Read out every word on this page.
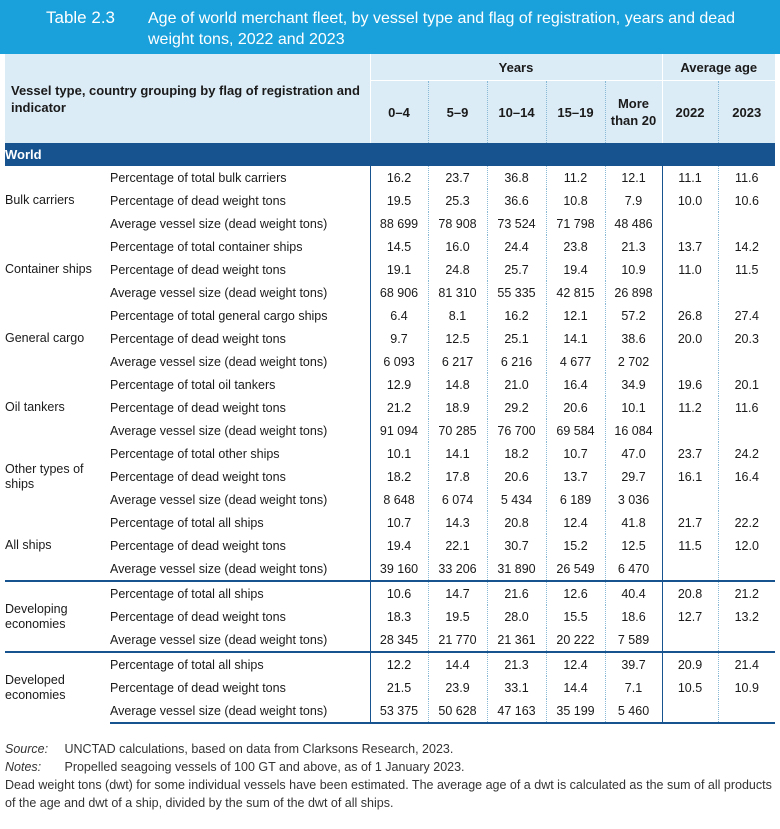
Table 2.3 Age of world merchant fleet, by vessel type and flag of registration, years and dead weight tons, 2022 and 2023
Vessel type, country grouping by flag of registration and indicator		Years					Average age	
		0–4	5–9	10–14	15–19	More than 20	2022	2023
World								
Bulk carriers	Percentage of total bulk carriers	16.2	23.7	36.8	11.2	12.1	11.1	11.6
	Percentage of dead weight tons	19.5	25.3	36.6	10.8	7.9	10.0	10.6
	Average vessel size (dead weight tons)	88 699	78 908	73 524	71 798	48 486		
Container ships	Percentage of total container ships	14.5	16.0	24.4	23.8	21.3	13.7	14.2
	Percentage of dead weight tons	19.1	24.8	25.7	19.4	10.9	11.0	11.5
	Average vessel size (dead weight tons)	68 906	81 310	55 335	42 815	26 898		
General cargo	Percentage of total general cargo ships	6.4	8.1	16.2	12.1	57.2	26.8	27.4
	Percentage of dead weight tons	9.7	12.5	25.1	14.1	38.6	20.0	20.3
	Average vessel size (dead weight tons)	6 093	6 217	6 216	4 677	2 702		
Oil tankers	Percentage of total oil tankers	12.9	14.8	21.0	16.4	34.9	19.6	20.1
	Percentage of dead weight tons	21.2	18.9	29.2	20.6	10.1	11.2	11.6
	Average vessel size (dead weight tons)	91 094	70 285	76 700	69 584	16 084		
Other types of ships	Percentage of total other ships	10.1	14.1	18.2	10.7	47.0	23.7	24.2
	Percentage of dead weight tons	18.2	17.8	20.6	13.7	29.7	16.1	16.4
	Average vessel size (dead weight tons)	8 648	6 074	5 434	6 189	3 036		
All ships	Percentage of total all ships	10.7	14.3	20.8	12.4	41.8	21.7	22.2
	Percentage of dead weight tons	19.4	22.1	30.7	15.2	12.5	11.5	12.0
	Average vessel size (dead weight tons)	39 160	33 206	31 890	26 549	6 470		
Developing economies	Percentage of total all ships	10.6	14.7	21.6	12.6	40.4	20.8	21.2
	Percentage of dead weight tons	18.3	19.5	28.0	15.5	18.6	12.7	13.2
	Average vessel size (dead weight tons)	28 345	21 770	21 361	20 222	7 589		
Developed economies	Percentage of total all ships	12.2	14.4	21.3	12.4	39.7	20.9	21.4
	Percentage of dead weight tons	21.5	23.9	33.1	14.4	7.1	10.5	10.9
	Average vessel size (dead weight tons)	53 375	50 628	47 163	35 199	5 460		
Source: UNCTAD calculations, based on data from Clarksons Research, 2023.
Notes: Propelled seagoing vessels of 100 GT and above, as of 1 January 2023.
Dead weight tons (dwt) for some individual vessels have been estimated. The average age of a dwt is calculated as the sum of all products of the age and dwt of a ship, divided by the sum of the dwt of all ships.
